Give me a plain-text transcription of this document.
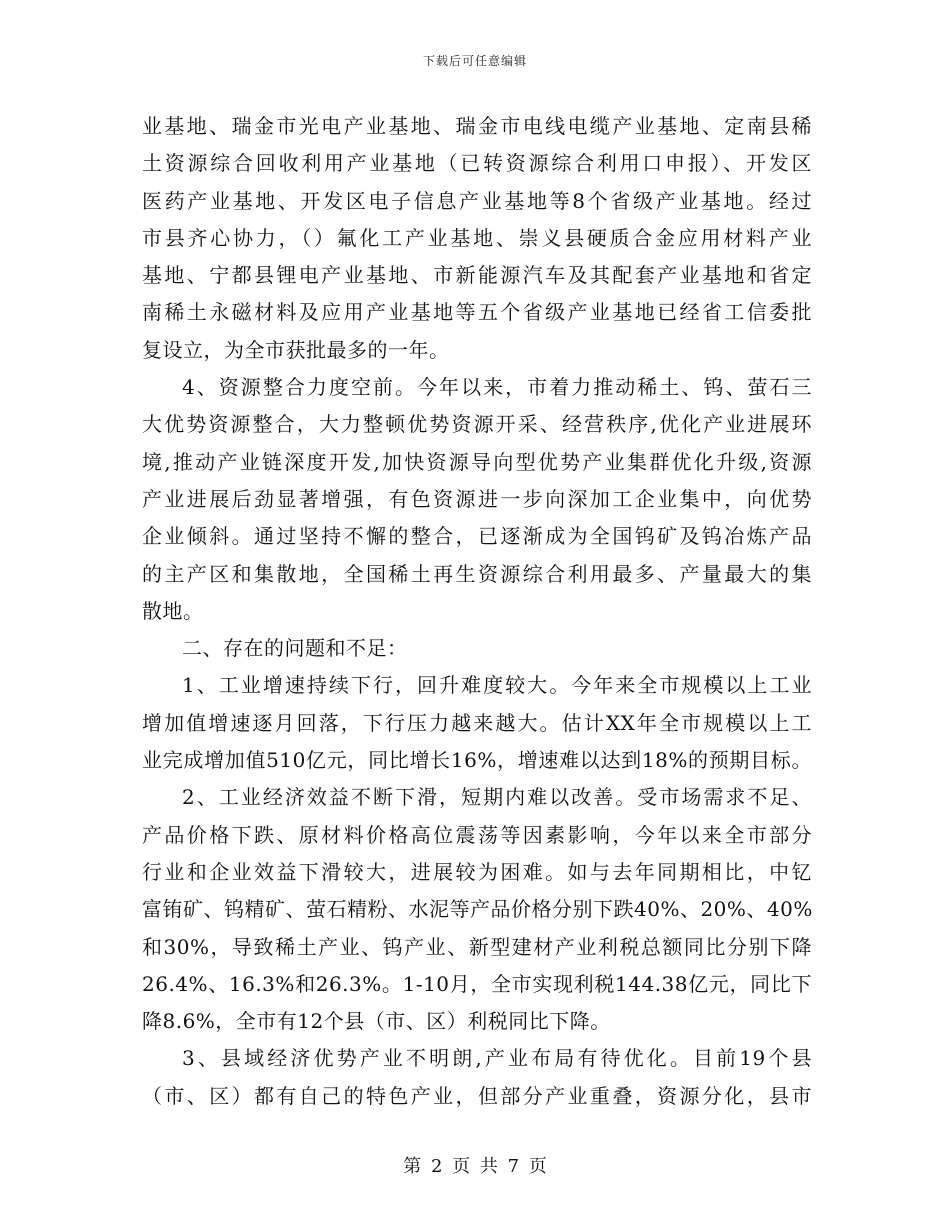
下载后可任意编辑
业基地、瑞金市光电产业基地、瑞金市电线电缆产业基地、定南县稀
土资源综合回收利用产业基地（已转资源综合利用口申报）、开发区
医药产业基地、开发区电子信息产业基地等8个省级产业基地。经过
市县齐心协力，（）氟化工产业基地、崇义县硬质合金应用材料产业
基地、宁都县锂电产业基地、市新能源汽车及其配套产业基地和省定
南稀土永磁材料及应用产业基地等五个省级产业基地已经省工信委批
复设立，为全市获批最多的一年。
4、资源整合力度空前。今年以来，市着力推动稀土、钨、萤石三
大优势资源整合，大力整顿优势资源开采、经营秩序,优化产业进展环
境,推动产业链深度开发,加快资源导向型优势产业集群优化升级,资源
产业进展后劲显著增强，有色资源进一步向深加工企业集中，向优势
企业倾斜。通过坚持不懈的整合，已逐渐成为全国钨矿及钨冶炼产品
的主产区和集散地，全国稀土再生资源综合利用最多、产量最大的集
散地。
二、存在的问题和不足：
1、工业增速持续下行，回升难度较大。今年来全市规模以上工业
增加值增速逐月回落，下行压力越来越大。估计XX年全市规模以上工
业完成增加值510亿元，同比增长16%，增速难以达到18%的预期目标。
2、工业经济效益不断下滑，短期内难以改善。受市场需求不足、
产品价格下跌、原材料价格高位震荡等因素影响，今年以来全市部分
行业和企业效益下滑较大，进展较为困难。如与去年同期相比，中钇
富铕矿、钨精矿、萤石精粉、水泥等产品价格分别下跌40%、20%、40%
和30%，导致稀土产业、钨产业、新型建材产业利税总额同比分别下降
26.4%、16.3%和26.3%。1-10月，全市实现利税144.38亿元，同比下
降8.6%，全市有12个县（市、区）利税同比下降。
3、县域经济优势产业不明朗,产业布局有待优化。目前19个县
（市、区）都有自己的特色产业，但部分产业重叠，资源分化，县市
第 2 页 共 7 页
